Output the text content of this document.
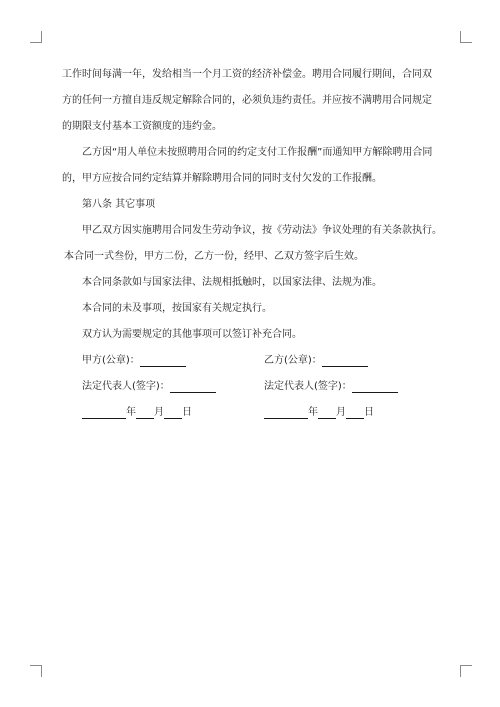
工作时间每满一年，发给相当一个月工资的经济补偿金。聘用合同履行期间，合同双
方的任何一方擅自违反规定解除合同的，必须负违约责任。并应按不满聘用合同规定
的期限支付基本工资额度的违约金。
乙方因“用人单位未按照聘用合同的约定支付工作报酬”而通知甲方解除聘用合同
的，甲方应按合同约定结算并解除聘用合同的同时支付欠发的工作报酬。
第八条 其它事项
甲乙双方因实施聘用合同发生劳动争议，按《劳动法》争议处理的有关条款执行。
本合同一式叁份，甲方二份，乙方一份，经甲、乙双方签字后生效。
本合同条款如与国家法律、法规相抵触时，以国家法律、法规为准。
本合同的未及事项，按国家有关规定执行。
双方认为需要规定的其他事项可以签订补充合同。
甲方(公章)：	乙方(公章)：
法定代表人(签字)：	法定代表人(签字)：
年 月 日	年 月 日
